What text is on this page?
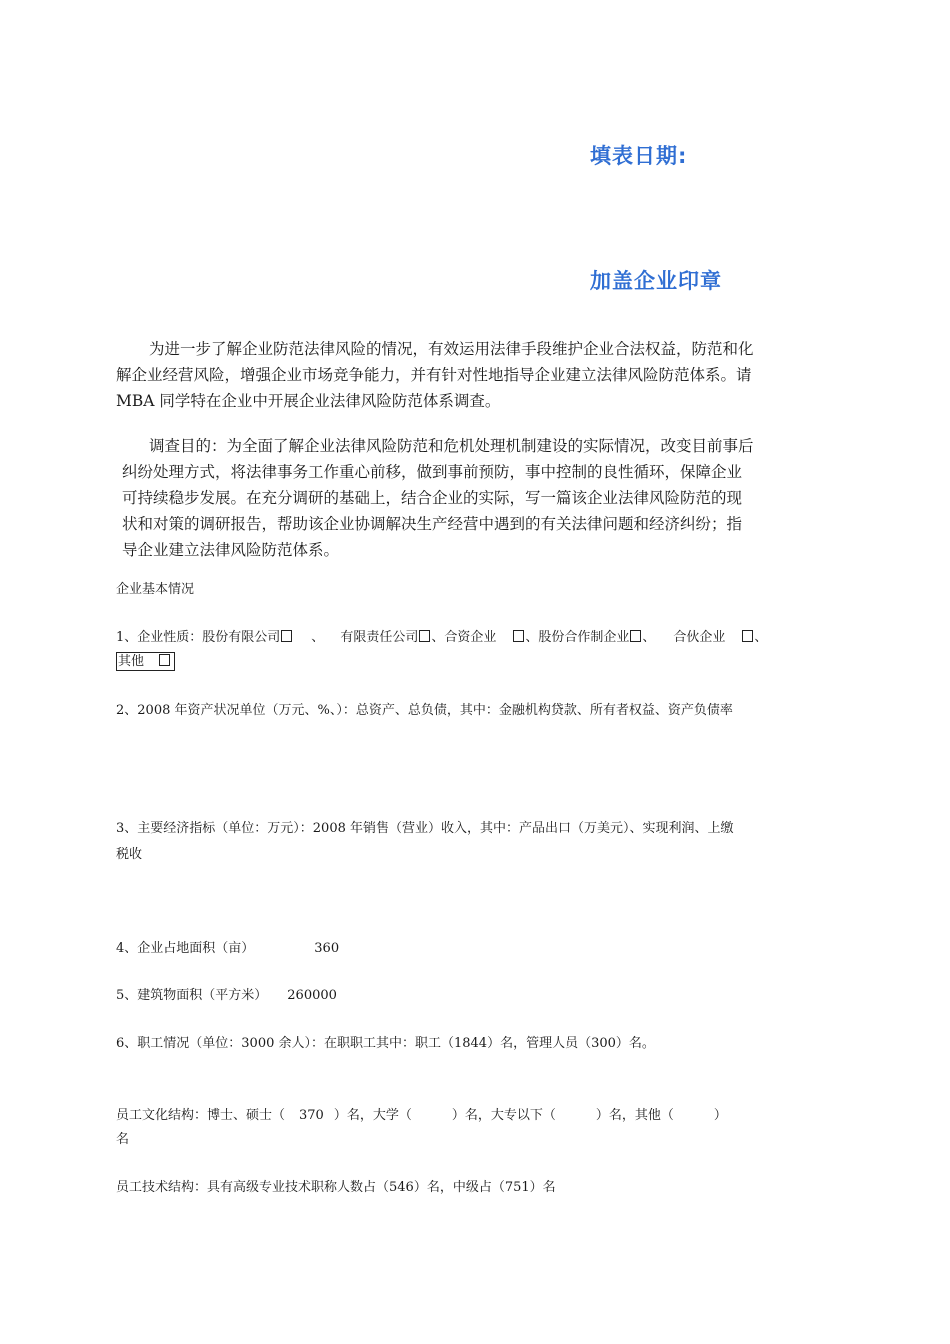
填表日期:
加盖企业印章
为进一步了解企业防范法律风险的情况，有效运用法律手段维护企业合法权益，防范和化
解企业经营风险，增强企业市场竞争能力，并有针对性地指导企业建立法律风险防范体系。请
MBA 同学特在企业中开展企业法律风险防范体系调查。
调查目的：为全面了解企业法律风险防范和危机处理机制建设的实际情况，改变目前事后
纠纷处理方式，将法律事务工作重心前移，做到事前预防，事中控制的良性循环，保障企业
可持续稳步发展。在充分调研的基础上，结合企业的实际，写一篇该企业法律风险防范的现
状和对策的调研报告，帮助该企业协调解决生产经营中遇到的有关法律问题和经济纠纷；指
导企业建立法律风险防范体系。
企业基本情况
1、企业性质：股份有限公司 、 有限责任公司 、合资企业 、股份合作制企业 、 合伙企业 、
其他
2、2008 年资产状况单位（万元、%、）：总资产、总负债，其中：金融机构贷款、所有者权益、资产负债率
3、主要经济指标（单位：万元）：2008 年销售（营业）收入，其中：产品出口（万美元）、实现利润、上缴
税收
4、企业占地面积（亩）	360
5、建筑物面积（平方米） 260000
6、职工情况（单位：3000 余人）：在职职工其中：职工（1844）名，管理人员（300）名。
员工文化结构：博士、硕士（ 370 ）名，大学（	）名，大专以下（	）名，其他（	）
名
员工技术结构：具有高级专业技术职称人数占（546）名，中级占（751）名
